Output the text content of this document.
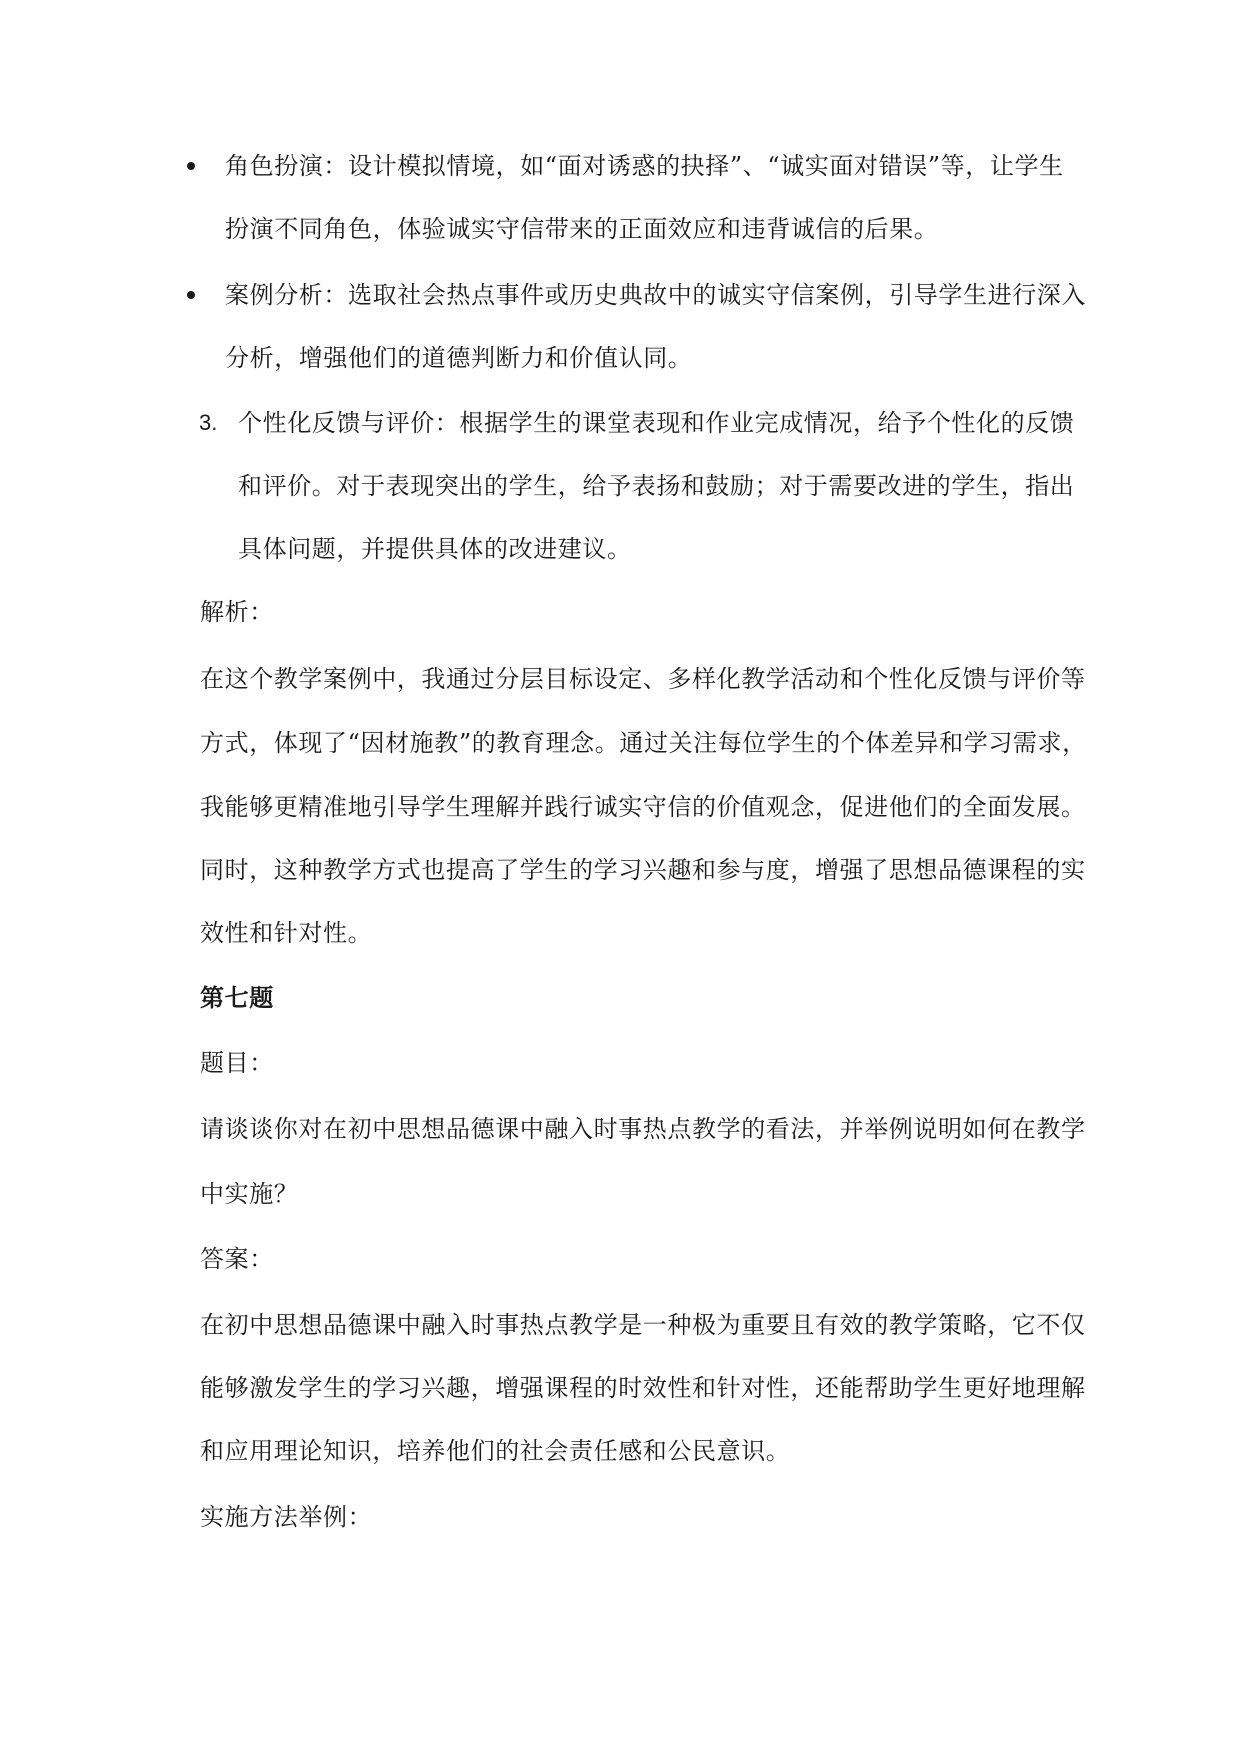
角色扮演：设计模拟情境，如“面对诱惑的抉择”、“诚实面对错误”等，让学生
扮演不同角色，体验诚实守信带来的正面效应和违背诚信的后果。
案例分析：选取社会热点事件或历史典故中的诚实守信案例，引导学生进行深入
分析，增强他们的道德判断力和价值认同。
3. 个性化反馈与评价：根据学生的课堂表现和作业完成情况，给予个性化的反馈
和评价。对于表现突出的学生，给予表扬和鼓励；对于需要改进的学生，指出
具体问题，并提供具体的改进建议。
解析：
在这个教学案例中，我通过分层目标设定、多样化教学活动和个性化反馈与评价等
方式，体现了“因材施教”的教育理念。通过关注每位学生的个体差异和学习需求，
我能够更精准地引导学生理解并践行诚实守信的价值观念，促进他们的全面发展。
同时，这种教学方式也提高了学生的学习兴趣和参与度，增强了思想品德课程的实
效性和针对性。
第七题
题目：
请谈谈你对在初中思想品德课中融入时事热点教学的看法，并举例说明如何在教学
中实施？
答案：
在初中思想品德课中融入时事热点教学是一种极为重要且有效的教学策略，它不仅
能够激发学生的学习兴趣，增强课程的时效性和针对性，还能帮助学生更好地理解
和应用理论知识，培养他们的社会责任感和公民意识。
实施方法举例：
